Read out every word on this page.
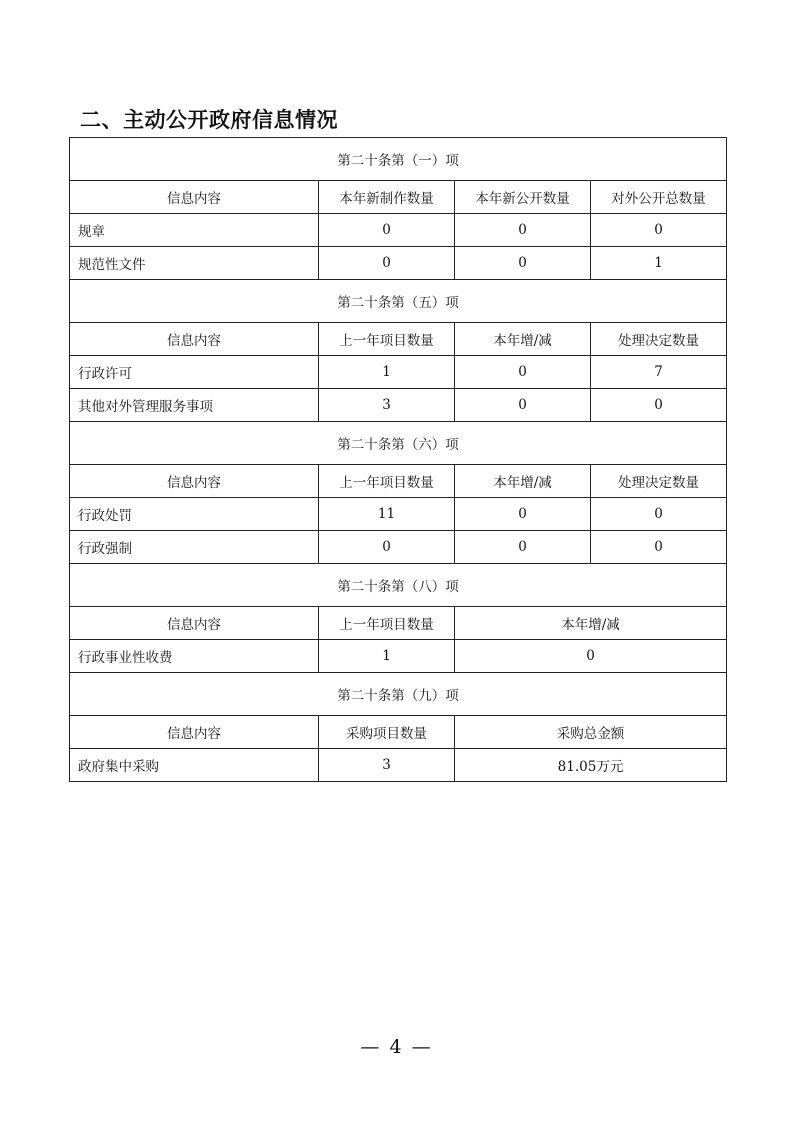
二、主动公开政府信息情况
第二十条第（一）项			
信息内容	本年新制作数量	本年新公开数量	对外公开总数量
规章	0	0	0
规范性文件	0	0	1
第二十条第（五）项			
信息内容	上一年项目数量	本年增/减	处理决定数量
行政许可	1	0	7
其他对外管理服务事项	3	0	0
第二十条第（六）项			
信息内容	上一年项目数量	本年增/减	处理决定数量
行政处罚	11	0	0
行政强制	0	0	0
第二十条第（八）项			
信息内容	上一年项目数量	本年增/减	
行政事业性收费	1	0	
第二十条第（九）项			
信息内容	采购项目数量	采购总金额	
政府集中采购	3	81.05万元	
— 4 —
